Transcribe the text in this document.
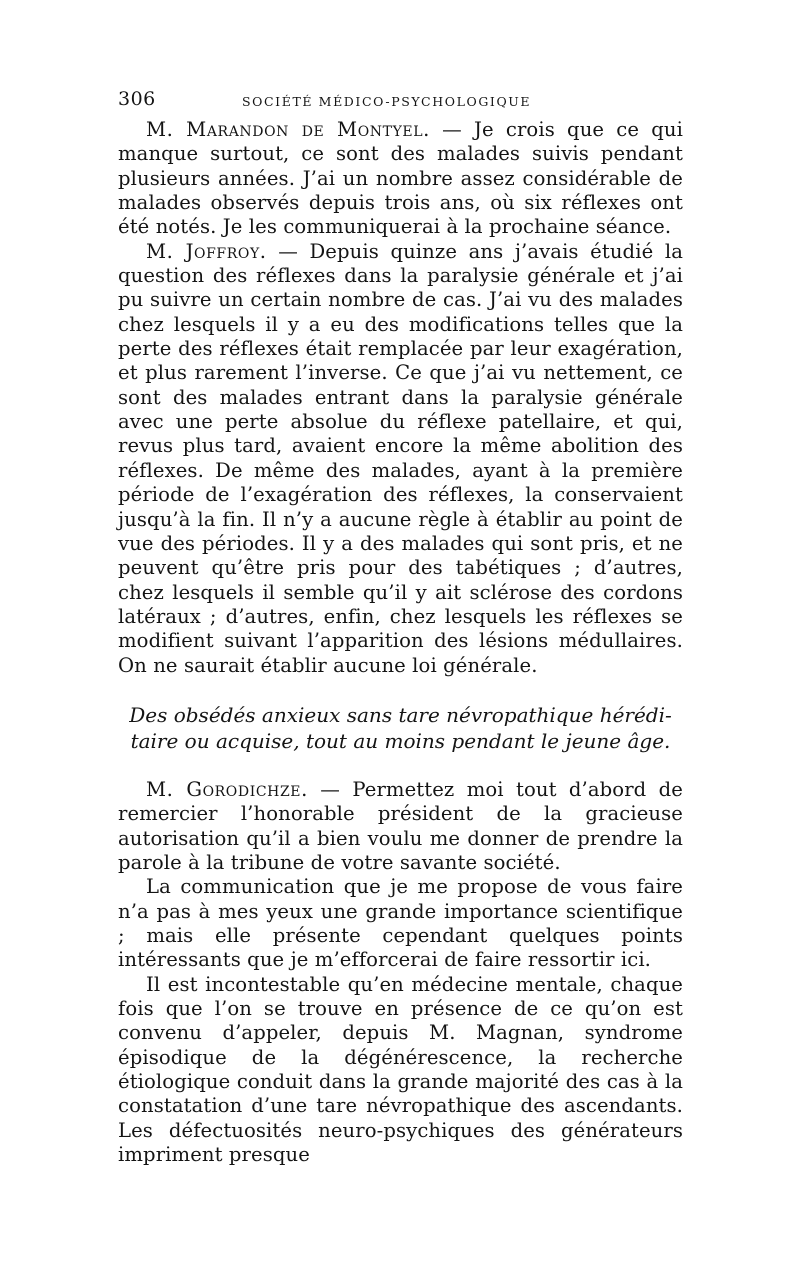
306	SOCIÉTÉ MÉDICO-PSYCHOLOGIQUE

M. Marandon de Montyel. — Je crois que ce qui manque surtout, ce sont des malades suivis pendant plusieurs années. J’ai un nombre assez considérable de malades observés depuis trois ans, où six réflexes ont été notés. Je les communiquerai à la prochaine séance.

M. Joffroy. — Depuis quinze ans j’avais étudié la question des réflexes dans la paralysie générale et j’ai pu suivre un certain nombre de cas. J’ai vu des malades chez lesquels il y a eu des modifications telles que la perte des réflexes était remplacée par leur exagération, et plus rarement l’inverse. Ce que j’ai vu nettement, ce sont des malades entrant dans la paralysie générale avec une perte absolue du réflexe patellaire, et qui, revus plus tard, avaient encore la même abolition des réflexes. De même des malades, ayant à la première période de l’exagération des réflexes, la conservaient jusqu’à la fin. Il n’y a aucune règle à établir au point de vue des périodes. Il y a des malades qui sont pris, et ne peuvent qu’être pris pour des tabétiques ; d’autres, chez lesquels il semble qu’il y ait sclérose des cordons latéraux ; d’autres, enfin, chez lesquels les réflexes se modifient suivant l’apparition des lésions médullaires. On ne saurait établir aucune loi générale.

Des obsédés anxieux sans tare névropathique hérédi-
taire ou acquise, tout au moins pendant le jeune âge.

M. Gorodichze. — Permettez moi tout d’abord de remercier l’honorable président de la gracieuse autorisation qu’il a bien voulu me donner de prendre la parole à la tribune de votre savante société.

La communication que je me propose de vous faire n’a pas à mes yeux une grande importance scientifique ; mais elle présente cependant quelques points intéressants que je m’efforcerai de faire ressortir ici.

Il est incontestable qu’en médecine mentale, chaque fois que l’on se trouve en présence de ce qu’on est convenu d’appeler, depuis M. Magnan, syndrome épisodique de la dégénérescence, la recherche étiologique conduit dans la grande majorité des cas à la constatation d’une tare névropathique des ascendants. Les défectuosités neuro-psychiques des générateurs impriment presque
